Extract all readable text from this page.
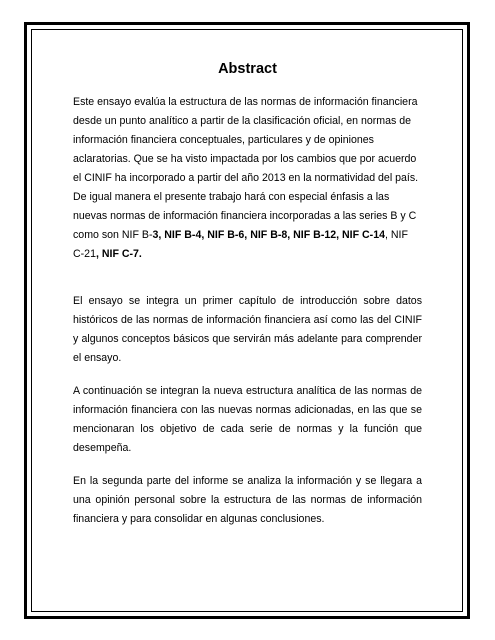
Abstract

Este ensayo evalúa la estructura de las normas de información financiera desde un punto analítico a partir de la clasificación oficial, en normas de información financiera conceptuales, particulares y de opiniones aclaratorias. Que se ha visto impactada por los cambios que por acuerdo el CINIF ha incorporado a partir del año 2013 en la normatividad del país. De igual manera el presente trabajo hará con especial énfasis a las nuevas normas de información financiera incorporadas a las series B y C como son NIF B-3, NIF B-4, NIF B-6, NIF B-8, NIF B-12, NIF C-14, NIF C-21, NIF C-7.

El ensayo se integra un primer capítulo de introducción sobre datos históricos de las normas de información financiera así como las del CINIF y algunos conceptos básicos que servirán más adelante para comprender el ensayo.

A continuación se integran la nueva estructura analítica de las normas de información financiera con las nuevas normas adicionadas, en las que se mencionaran los objetivo de cada serie de normas y la función que desempeña.

En la segunda parte del informe se analiza la información y se llegara a una opinión personal sobre la estructura de las normas de información financiera y para consolidar en algunas conclusiones.
